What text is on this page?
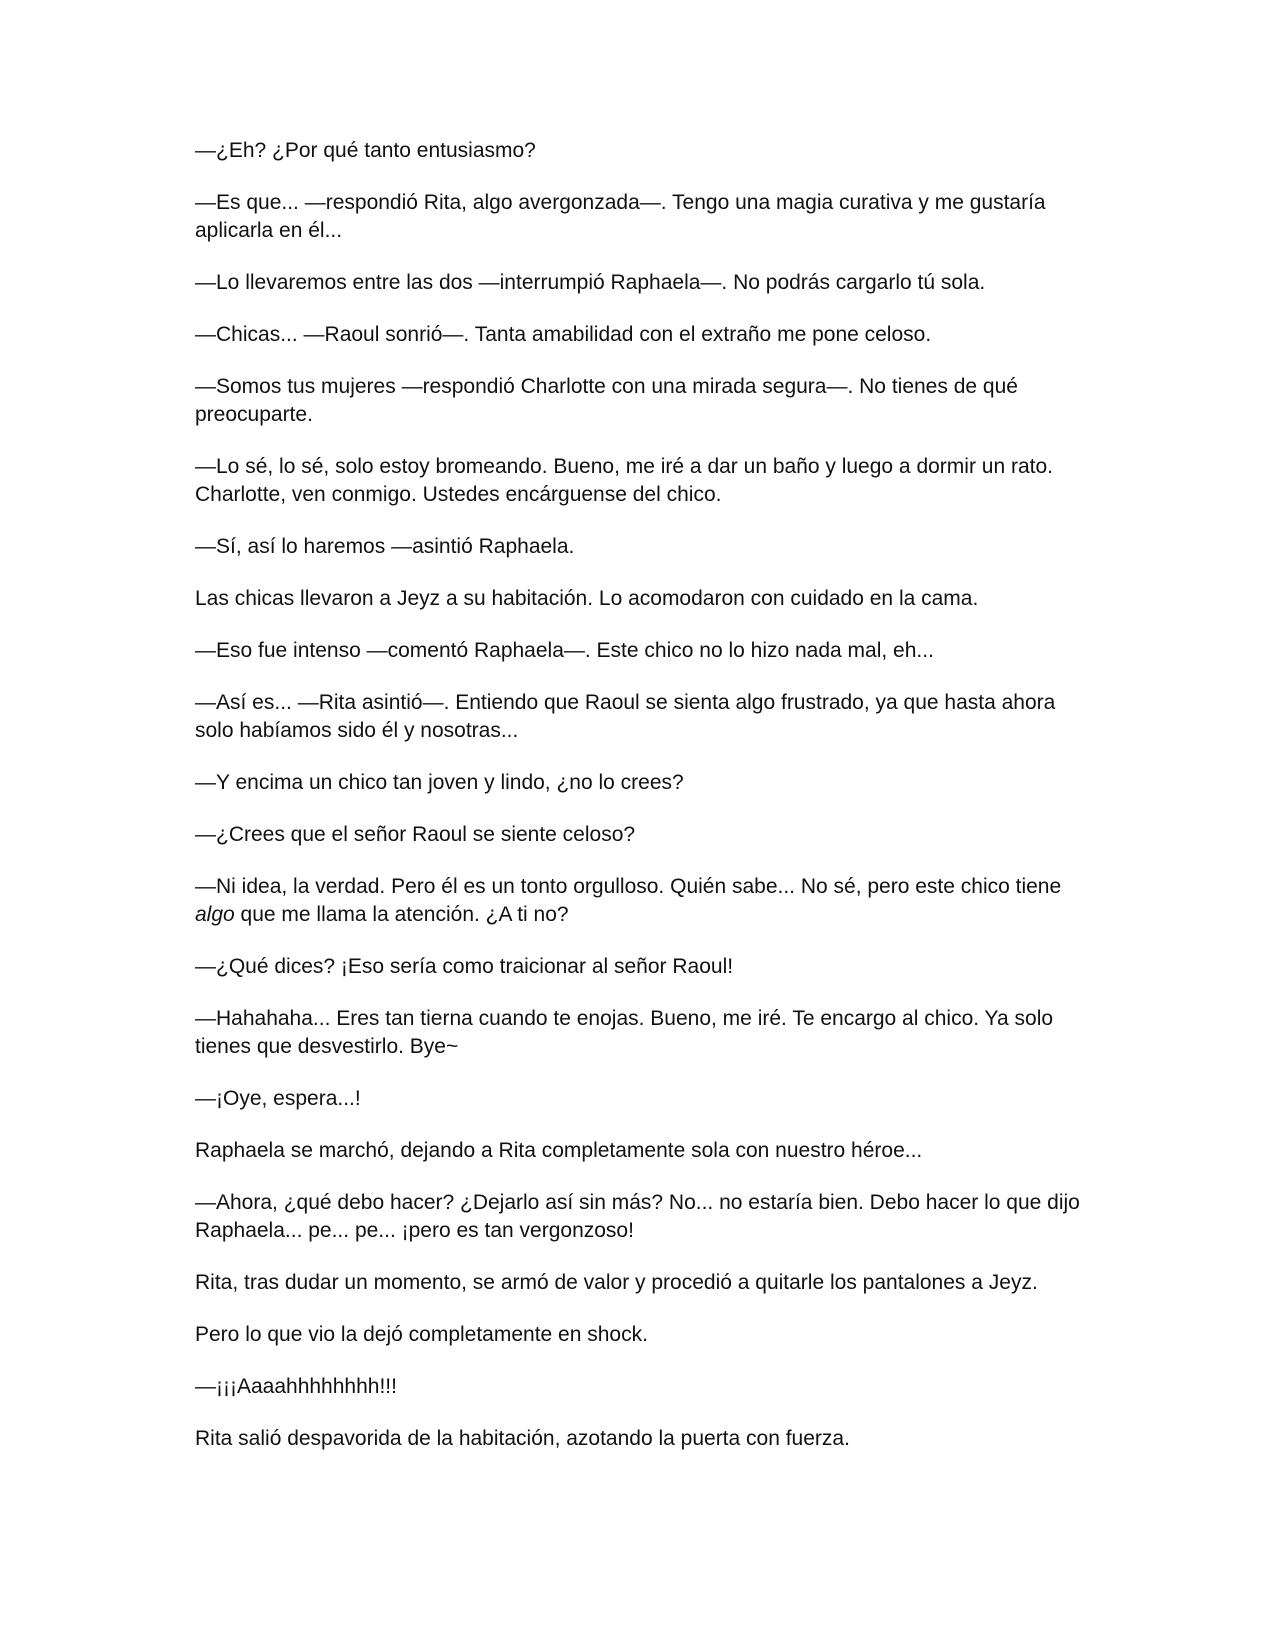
—¿Eh? ¿Por qué tanto entusiasmo?

—Es que... —respondió Rita, algo avergonzada—. Tengo una magia curativa y me gustaría aplicarla en él...

—Lo llevaremos entre las dos —interrumpió Raphaela—. No podrás cargarlo tú sola.

—Chicas... —Raoul sonrió—. Tanta amabilidad con el extraño me pone celoso.

—Somos tus mujeres —respondió Charlotte con una mirada segura—. No tienes de qué preocuparte.

—Lo sé, lo sé, solo estoy bromeando. Bueno, me iré a dar un baño y luego a dormir un rato. Charlotte, ven conmigo. Ustedes encárguense del chico.

—Sí, así lo haremos —asintió Raphaela.

Las chicas llevaron a Jeyz a su habitación. Lo acomodaron con cuidado en la cama.

—Eso fue intenso —comentó Raphaela—. Este chico no lo hizo nada mal, eh...

—Así es... —Rita asintió—. Entiendo que Raoul se sienta algo frustrado, ya que hasta ahora solo habíamos sido él y nosotras...

—Y encima un chico tan joven y lindo, ¿no lo crees?

—¿Crees que el señor Raoul se siente celoso?

—Ni idea, la verdad. Pero él es un tonto orgulloso. Quién sabe... No sé, pero este chico tiene algo que me llama la atención. ¿A ti no?

—¿Qué dices? ¡Eso sería como traicionar al señor Raoul!

—Hahahaha... Eres tan tierna cuando te enojas. Bueno, me iré. Te encargo al chico. Ya solo tienes que desvestirlo. Bye~

—¡Oye, espera...!

Raphaela se marchó, dejando a Rita completamente sola con nuestro héroe...

—Ahora, ¿qué debo hacer? ¿Dejarlo así sin más? No... no estaría bien. Debo hacer lo que dijo Raphaela... pe... pe... ¡pero es tan vergonzoso!

Rita, tras dudar un momento, se armó de valor y procedió a quitarle los pantalones a Jeyz.

Pero lo que vio la dejó completamente en shock.

—¡¡¡Aaaahhhhhhhh!!!

Rita salió despavorida de la habitación, azotando la puerta con fuerza.
